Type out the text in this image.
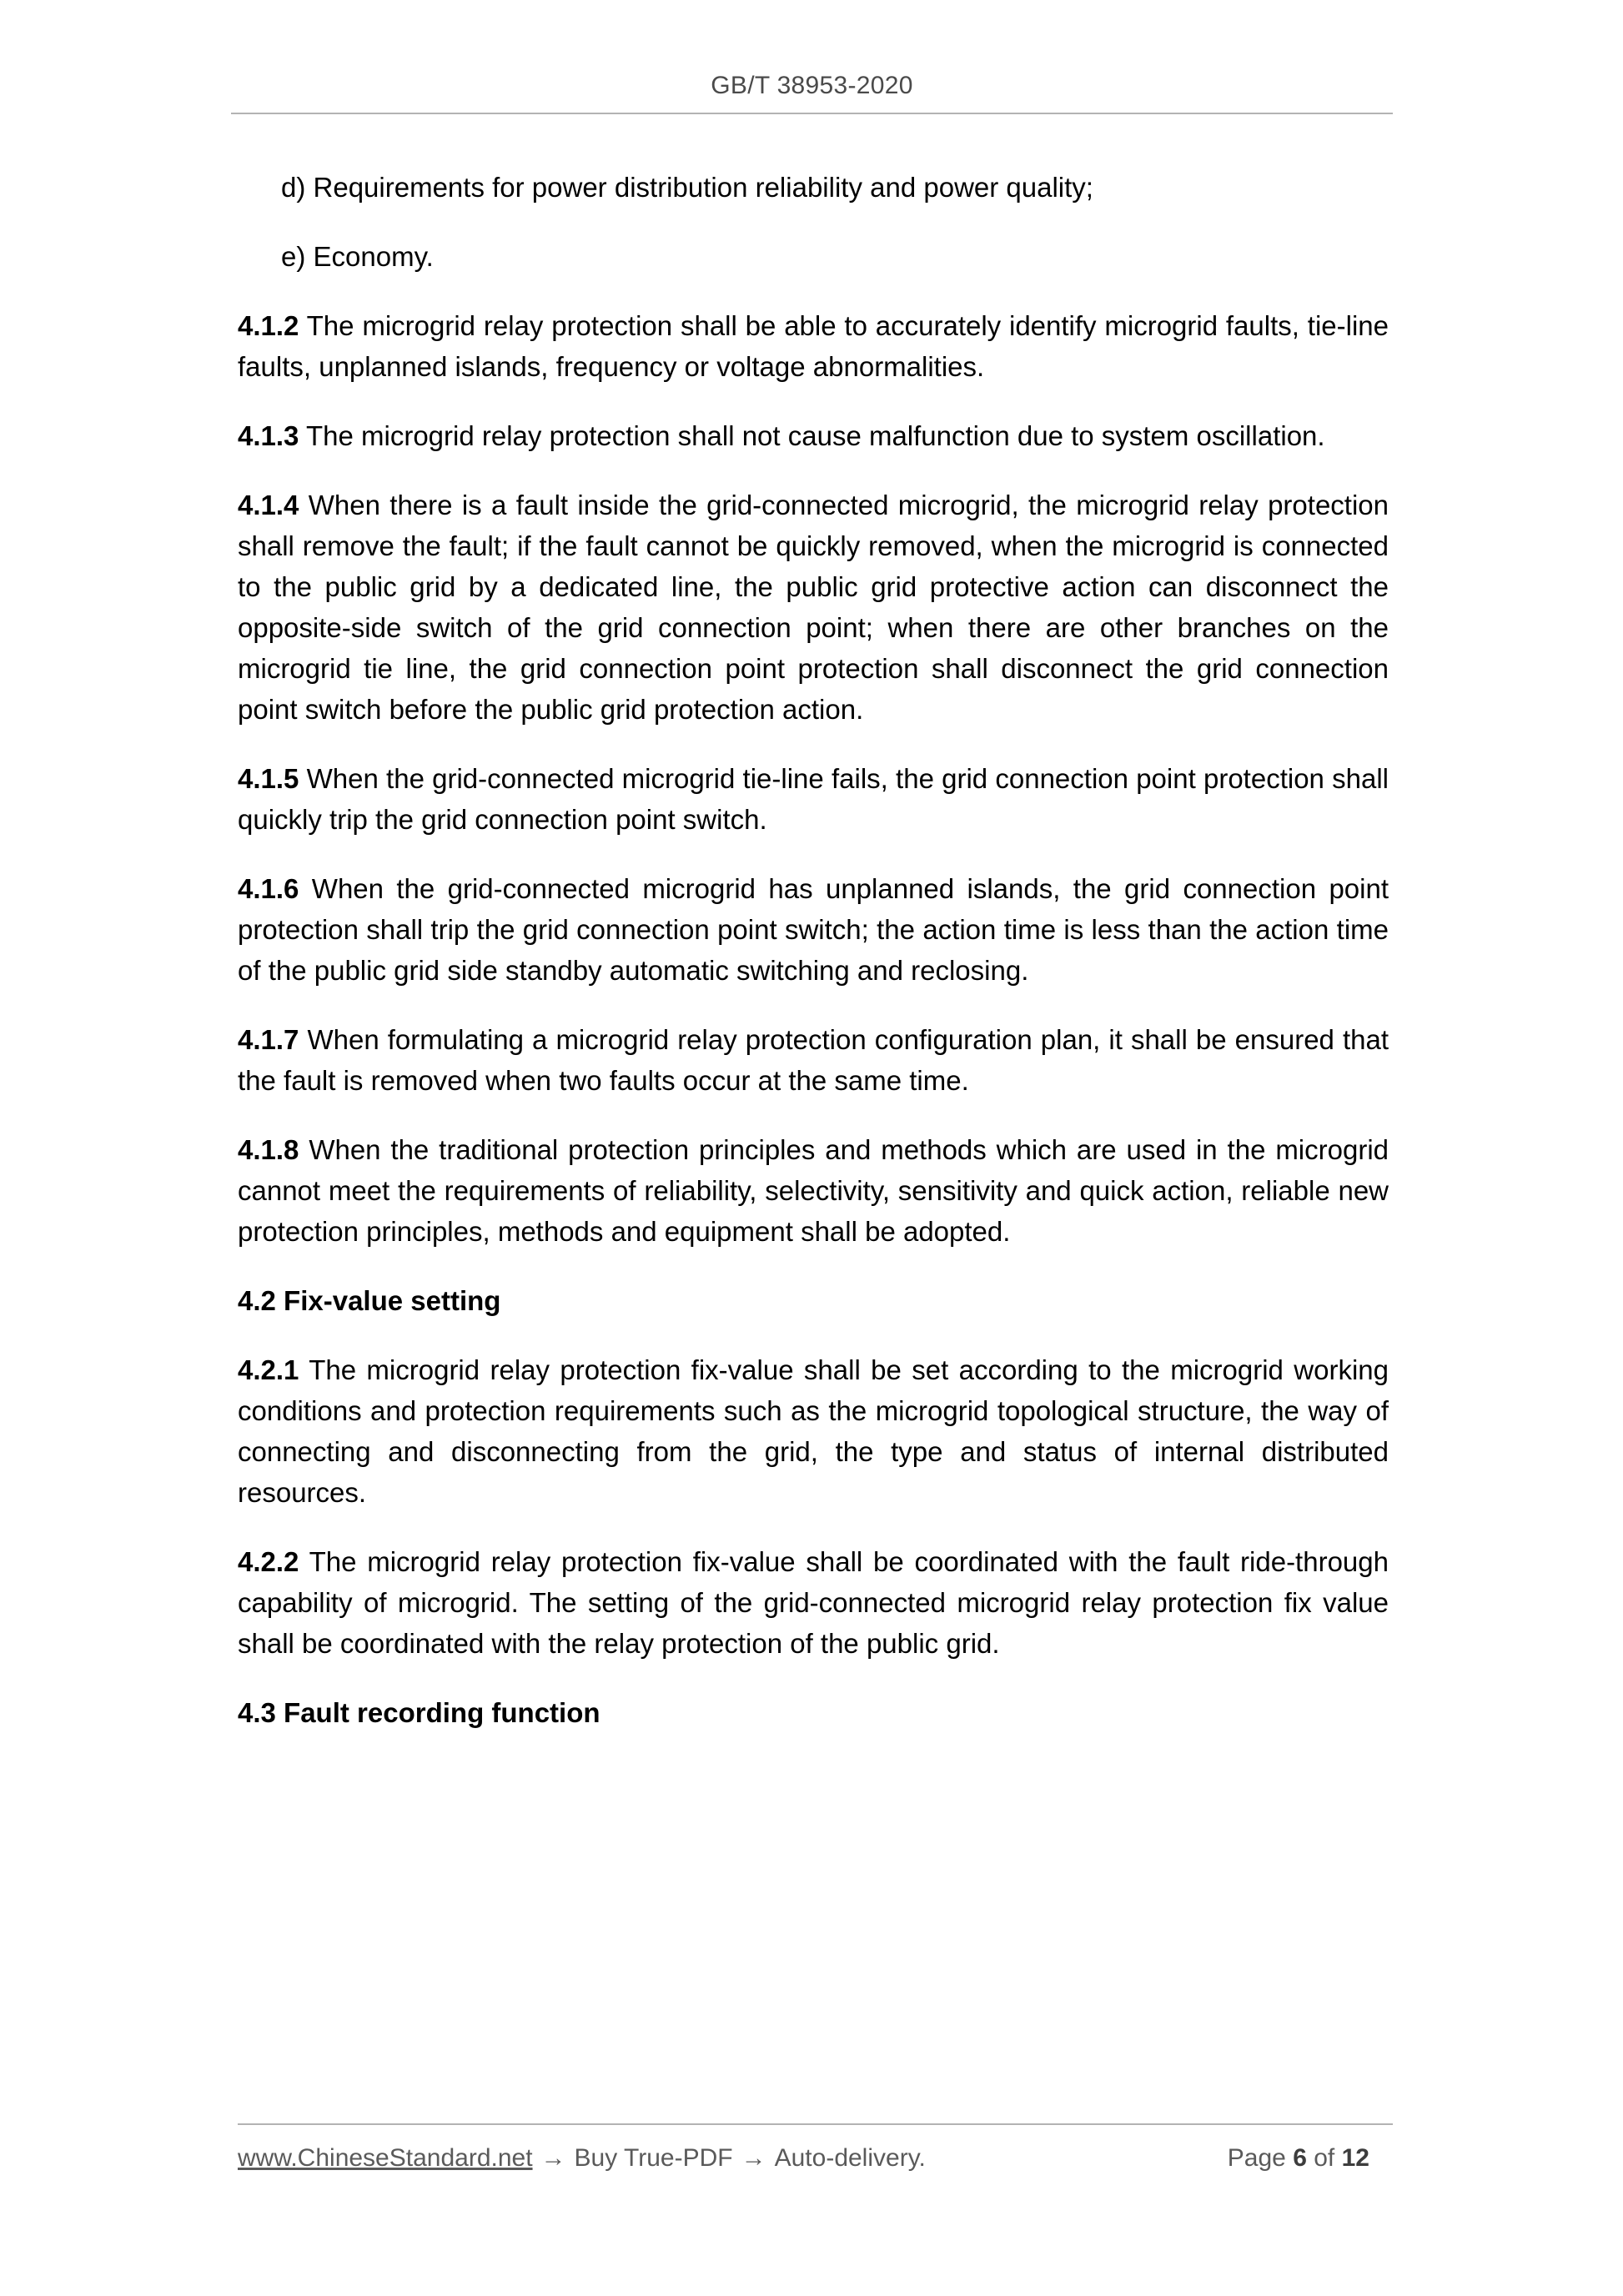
GB/T 38953-2020
d) Requirements for power distribution reliability and power quality;
e) Economy.

4.1.2 The microgrid relay protection shall be able to accurately identify microgrid faults, tie-line faults, unplanned islands, frequency or voltage abnormalities.

4.1.3 The microgrid relay protection shall not cause malfunction due to system oscillation.

4.1.4 When there is a fault inside the grid-connected microgrid, the microgrid relay protection shall remove the fault; if the fault cannot be quickly removed, when the microgrid is connected to the public grid by a dedicated line, the public grid protective action can disconnect the opposite-side switch of the grid connection point; when there are other branches on the microgrid tie line, the grid connection point protection shall disconnect the grid connection point switch before the public grid protection action.

4.1.5 When the grid-connected microgrid tie-line fails, the grid connection point protection shall quickly trip the grid connection point switch.

4.1.6 When the grid-connected microgrid has unplanned islands, the grid connection point protection shall trip the grid connection point switch; the action time is less than the action time of the public grid side standby automatic switching and reclosing.

4.1.7 When formulating a microgrid relay protection configuration plan, it shall be ensured that the fault is removed when two faults occur at the same time.

4.1.8 When the traditional protection principles and methods which are used in the microgrid cannot meet the requirements of reliability, selectivity, sensitivity and quick action, reliable new protection principles, methods and equipment shall be adopted.

4.2 Fix-value setting

4.2.1 The microgrid relay protection fix-value shall be set according to the microgrid working conditions and protection requirements such as the microgrid topological structure, the way of connecting and disconnecting from the grid, the type and status of internal distributed resources.

4.2.2 The microgrid relay protection fix-value shall be coordinated with the fault ride-through capability of microgrid. The setting of the grid-connected microgrid relay protection fix value shall be coordinated with the relay protection of the public grid.

4.3 Fault recording function
www.ChineseStandard.net → Buy True-PDF → Auto-delivery.	Page
6
of
12
